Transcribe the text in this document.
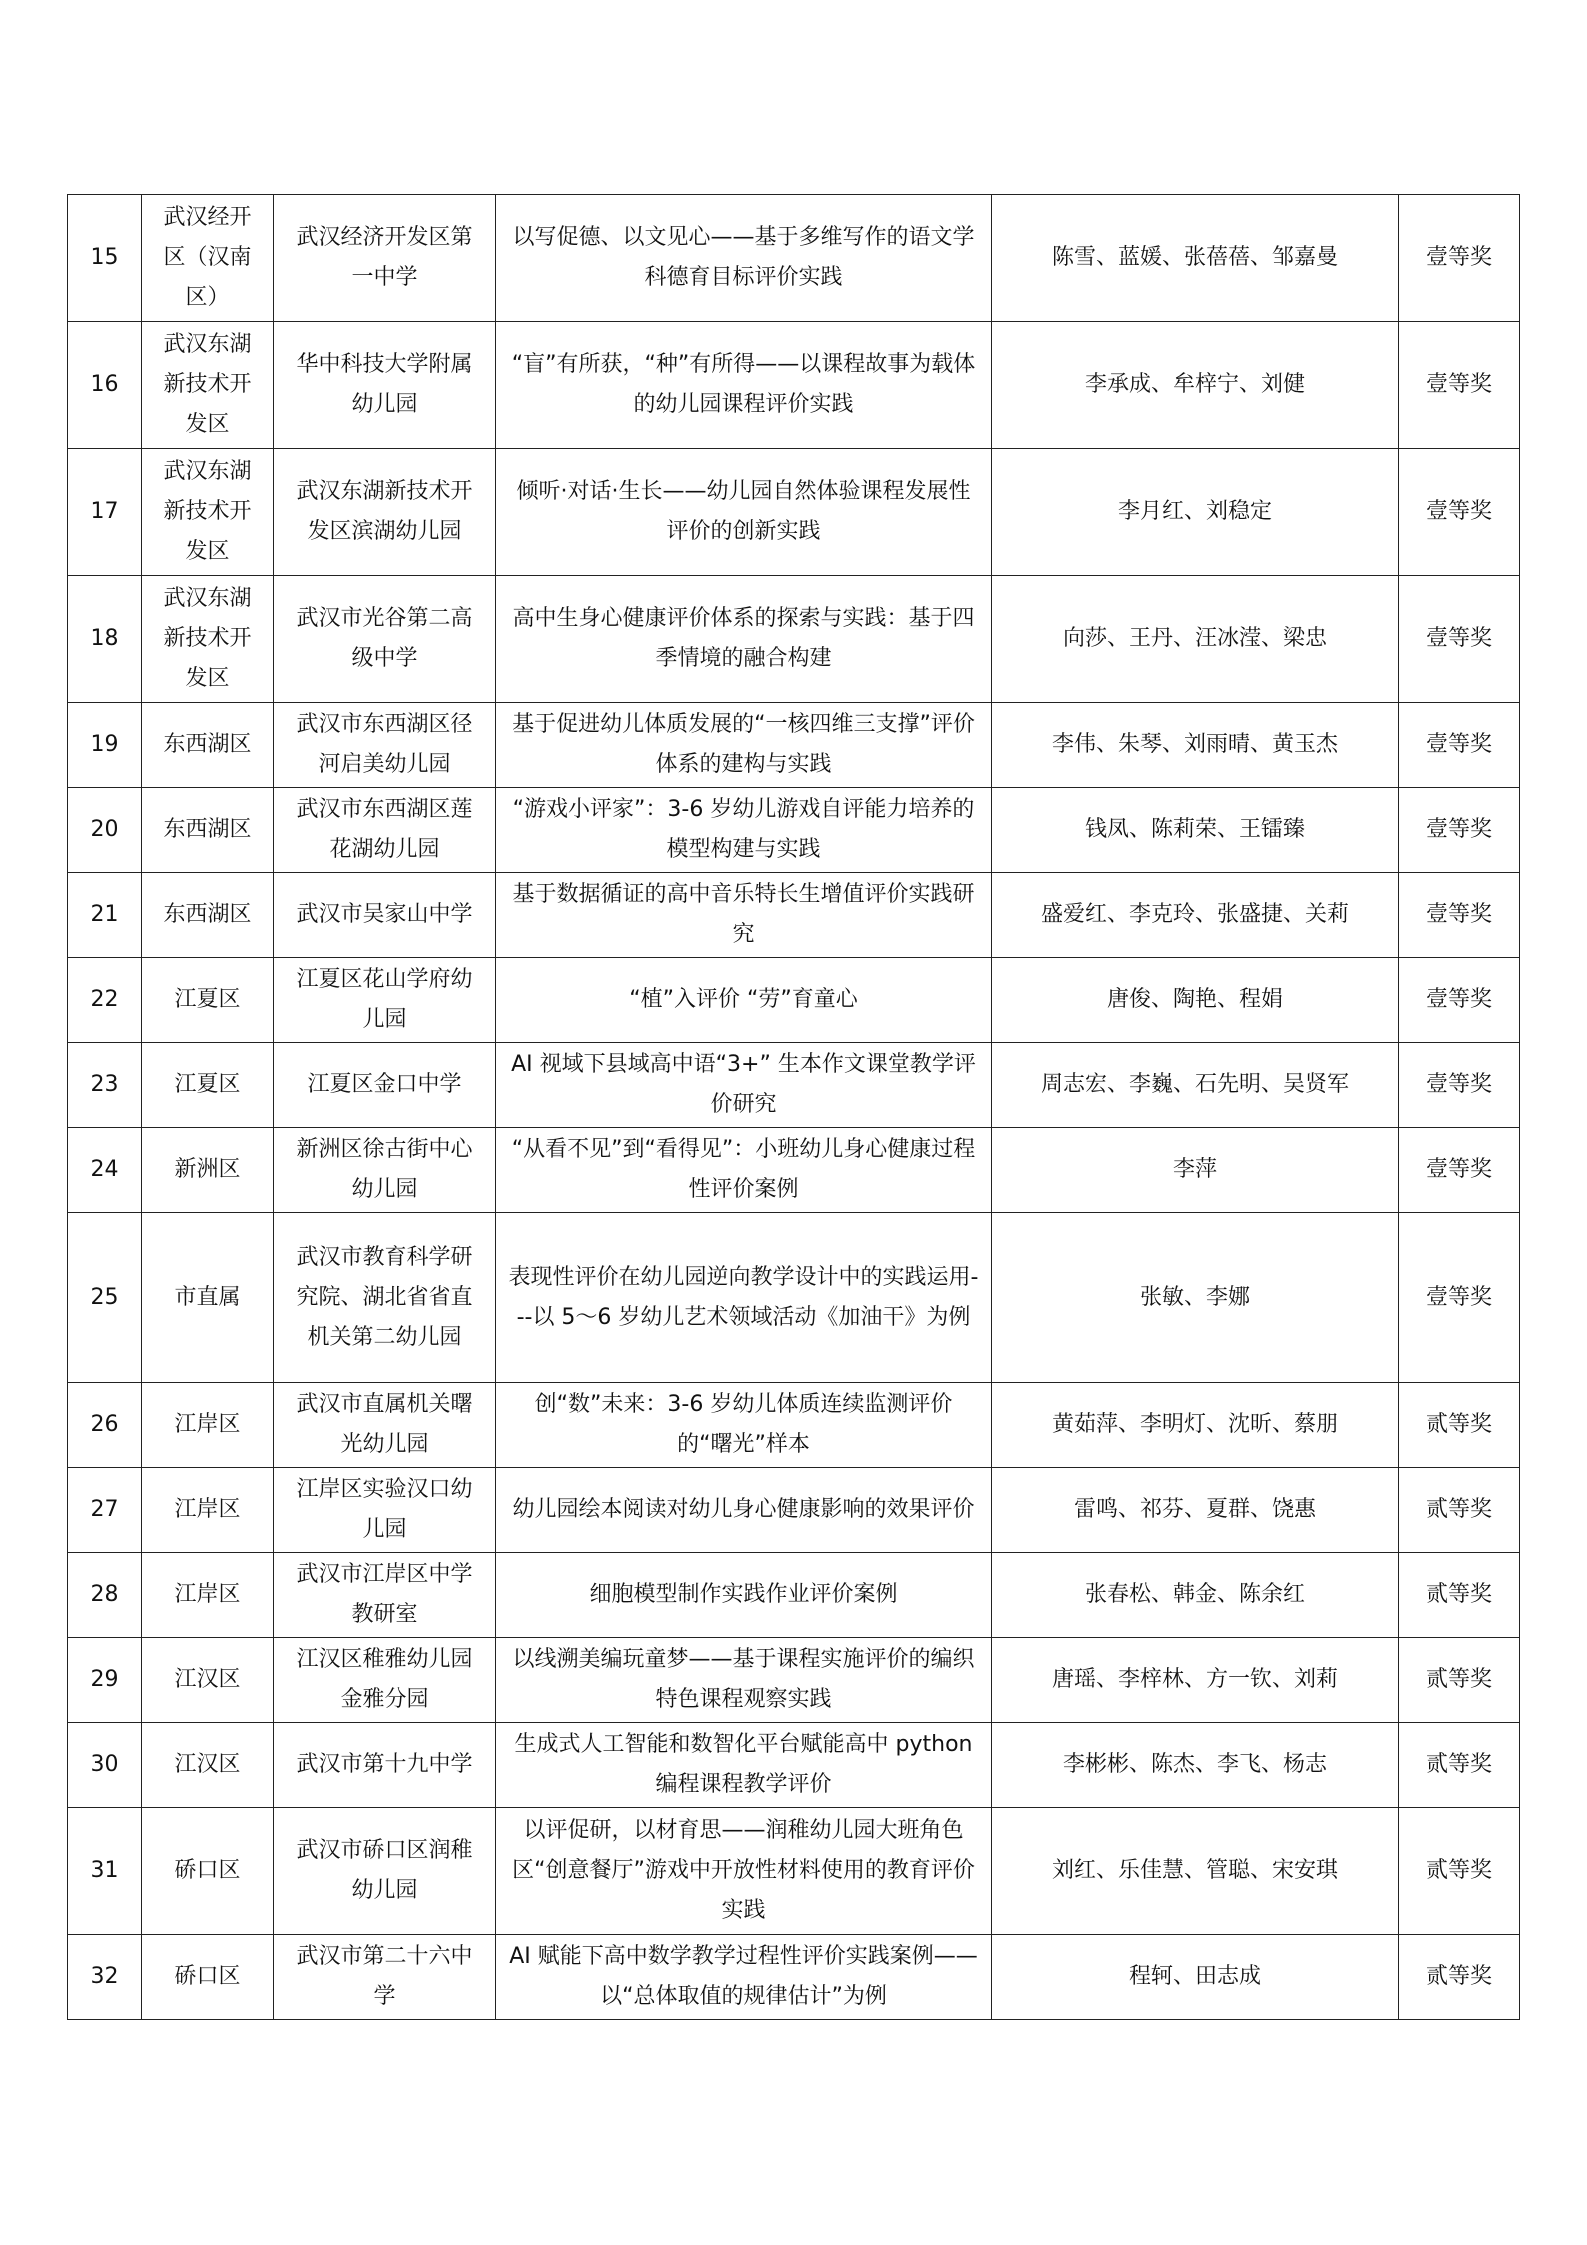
15	武汉经开区（汉南区）	武汉经济开发区第一中学	以写促德、以文见心——基于多维写作的语文学科德育目标评价实践	陈雪、蓝媛、张蓓蓓、邹嘉曼	壹等奖
16	武汉东湖新技术开发区	华中科技大学附属幼儿园	“盲”有所获，“种”有所得——以课程故事为载体的幼儿园课程评价实践	李承成、牟梓宁、刘健	壹等奖
17	武汉东湖新技术开发区	武汉东湖新技术开发区滨湖幼儿园	倾听·对话·生长——幼儿园自然体验课程发展性评价的创新实践	李月红、刘稳定	壹等奖
18	武汉东湖新技术开发区	武汉市光谷第二高级中学	高中生身心健康评价体系的探索与实践：基于四季情境的融合构建	向莎、王丹、汪冰滢、梁忠	壹等奖
19	东西湖区	武汉市东西湖区径河启美幼儿园	基于促进幼儿体质发展的“一核四维三支撑”评价体系的建构与实践	李伟、朱琴、刘雨晴、黄玉杰	壹等奖
20	东西湖区	武汉市东西湖区莲花湖幼儿园	“游戏小评家”：3-6 岁幼儿游戏自评能力培养的模型构建与实践	钱凤、陈莉荣、王镭臻	壹等奖
21	东西湖区	武汉市吴家山中学	基于数据循证的高中音乐特长生增值评价实践研究	盛爱红、李克玲、张盛捷、关莉	壹等奖
22	江夏区	江夏区花山学府幼儿园	“植”入评价 “劳”育童心	唐俊、陶艳、程娟	壹等奖
23	江夏区	江夏区金口中学	AI 视域下县域高中语“3+” 生本作文课堂教学评价研究	周志宏、李巍、石先明、吴贤军	壹等奖
24	新洲区	新洲区徐古街中心幼儿园	“从看不见”到“看得见”：小班幼儿身心健康过程性评价案例	李萍	壹等奖
25	市直属	武汉市教育科学研究院、湖北省省直机关第二幼儿园	表现性评价在幼儿园逆向教学设计中的实践运用---以 5～6 岁幼儿艺术领域活动《加油干》为例	张敏、李娜	壹等奖
26	江岸区	武汉市直属机关曙光幼儿园	创“数”未来：3-6 岁幼儿体质连续监测评价的“曙光”样本	黄茹萍、李明灯、沈昕、蔡朋	贰等奖
27	江岸区	江岸区实验汉口幼儿园	幼儿园绘本阅读对幼儿身心健康影响的效果评价	雷鸣、祁芬、夏群、饶惠	贰等奖
28	江岸区	武汉市江岸区中学教研室	细胞模型制作实践作业评价案例	张春松、韩金、陈余红	贰等奖
29	江汉区	江汉区稚雅幼儿园金雅分园	以线溯美编玩童梦——基于课程实施评价的编织特色课程观察实践	唐瑶、李梓林、方一钦、刘莉	贰等奖
30	江汉区	武汉市第十九中学	生成式人工智能和数智化平台赋能高中 python 编程课程教学评价	李彬彬、陈杰、李飞、杨志	贰等奖
31	硚口区	武汉市硚口区润稚幼儿园	以评促研，以材育思——润稚幼儿园大班角色区“创意餐厅”游戏中开放性材料使用的教育评价实践	刘红、乐佳慧、管聪、宋安琪	贰等奖
32	硚口区	武汉市第二十六中学	AI 赋能下高中数学教学过程性评价实践案例——以“总体取值的规律估计”为例	程轲、田志成	贰等奖
